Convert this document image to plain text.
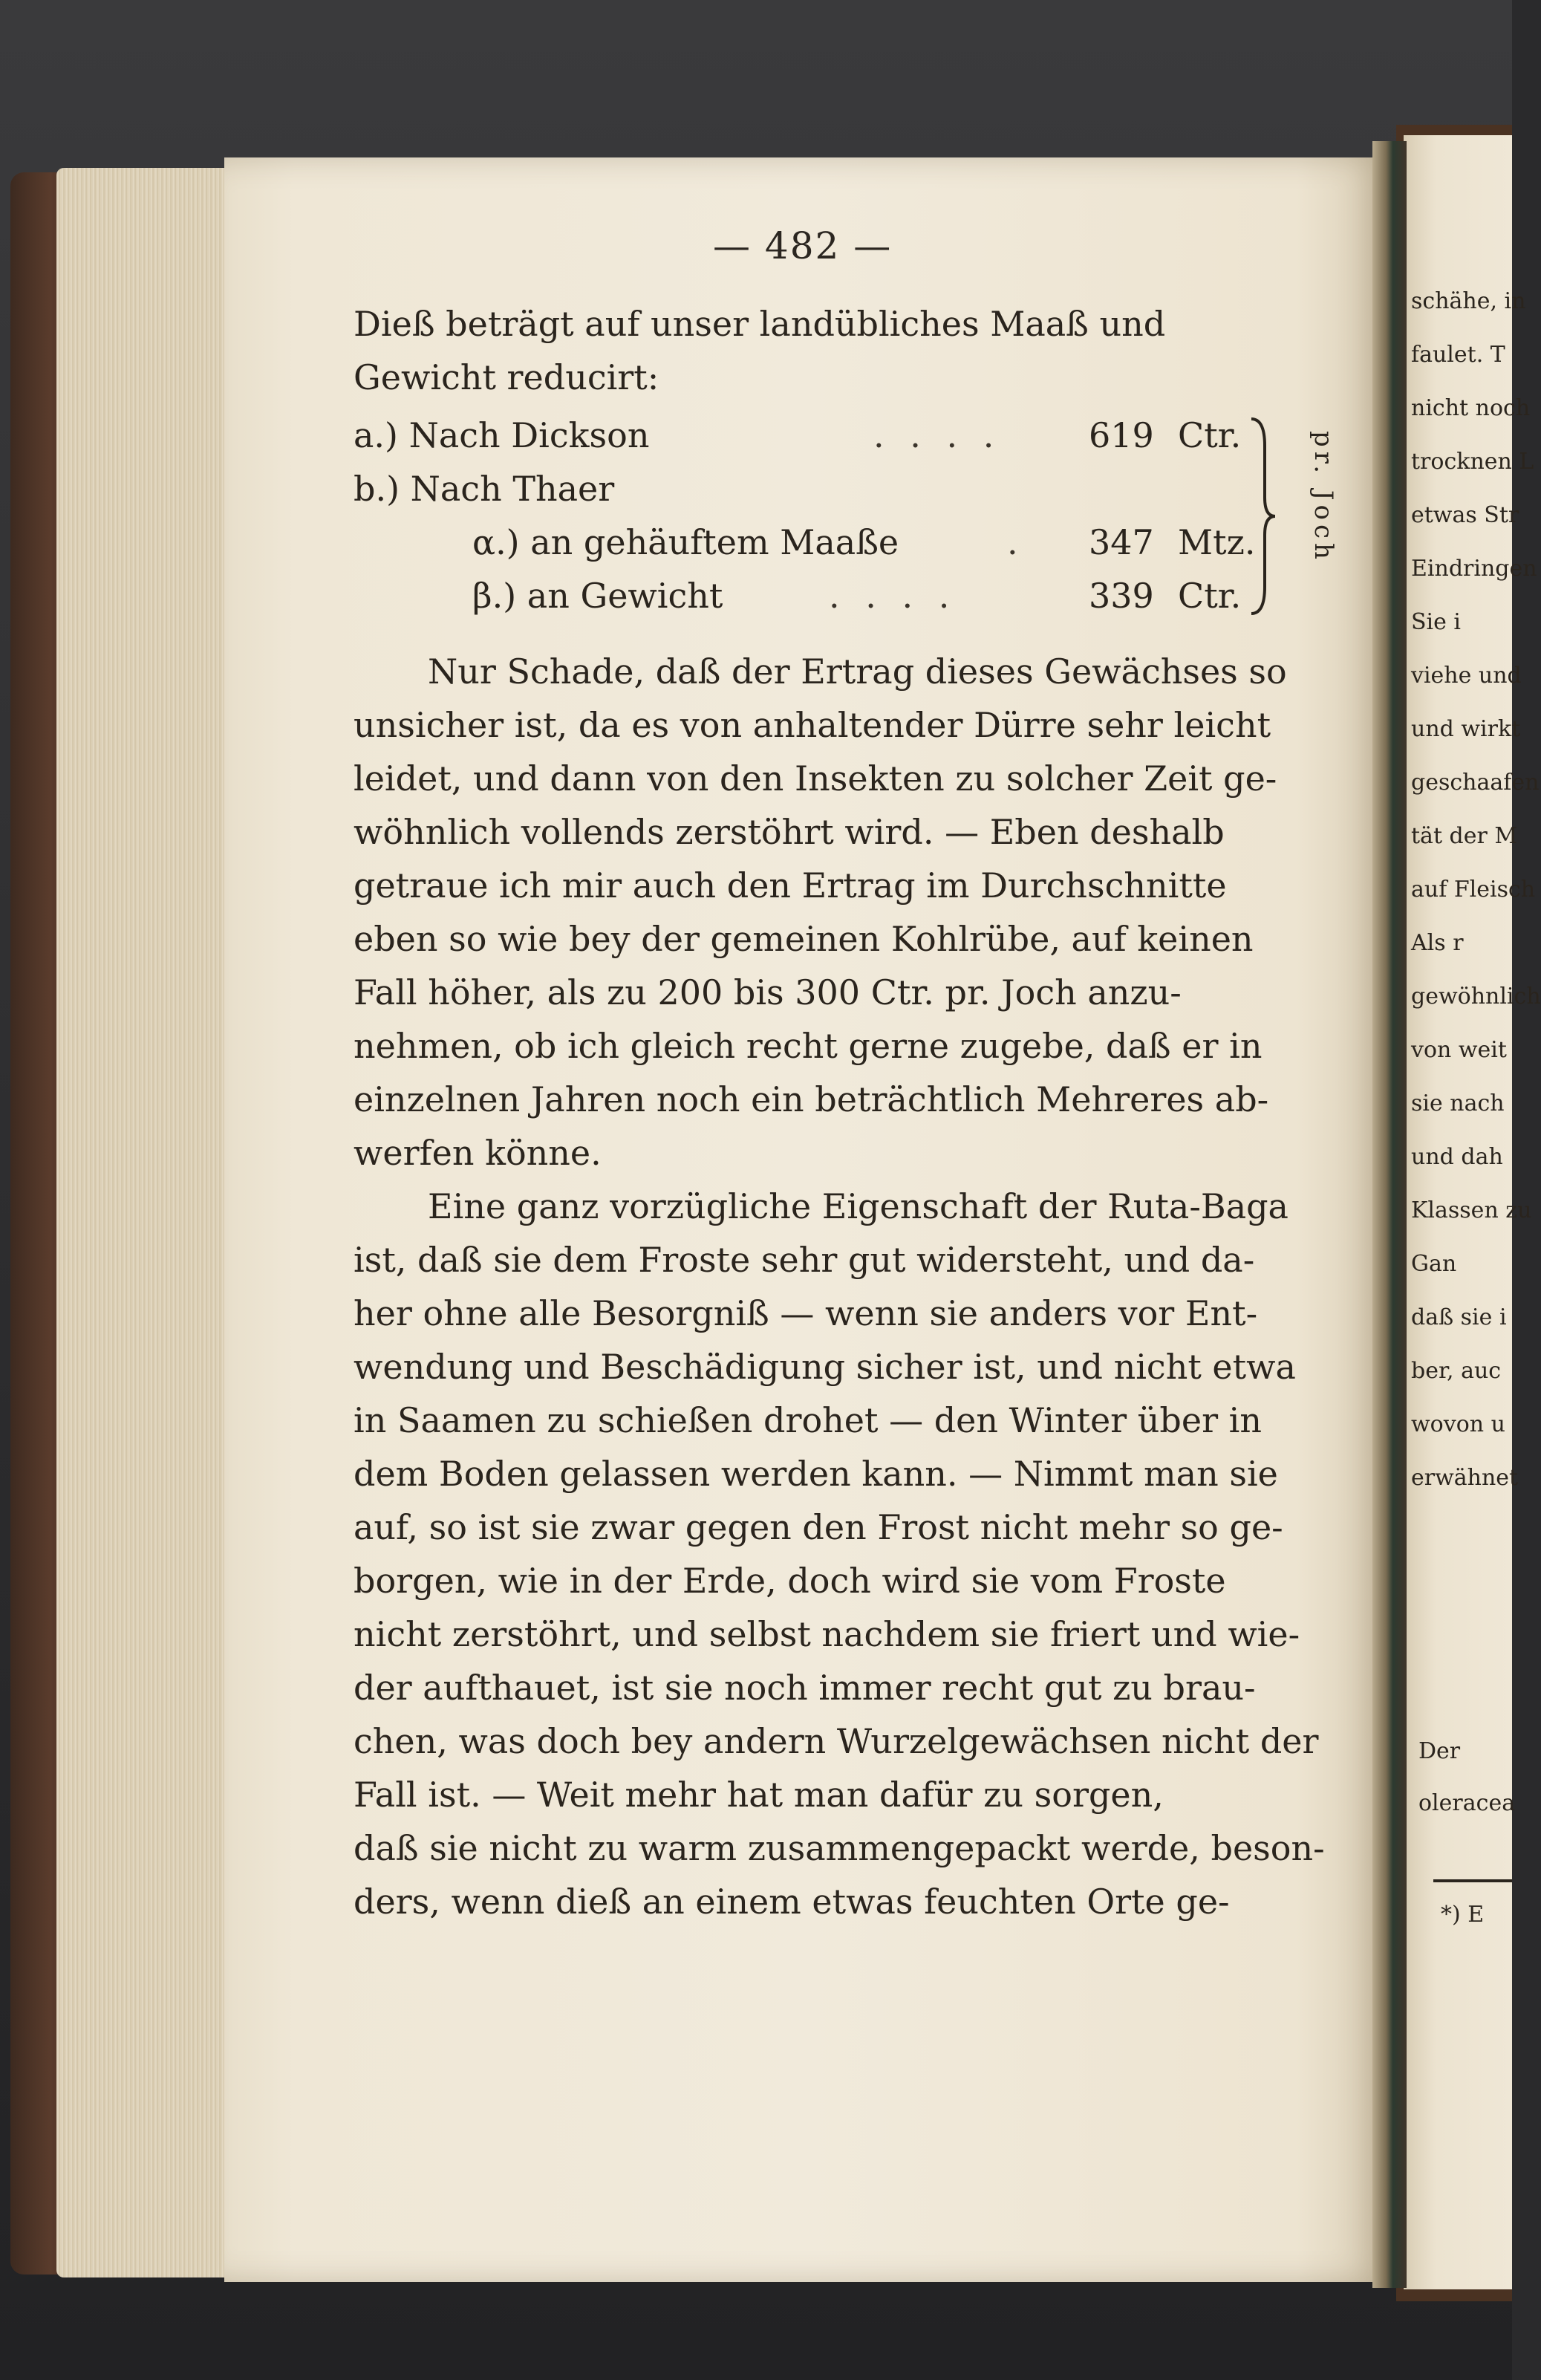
— 482 —
Dieß beträgt auf unser landübliches Maaß und
Gewicht reducirt:
a.) Nach Dickson	. . . .	619 Ctr.
b.) Nach Thaer
α.) an gehäuftem Maaße	. 347 Mtz.
β.) an Gewicht	. . . .	339 Ctr.
pr. Joch
Nur Schade, daß der Ertrag dieses Gewächses so
unsicher ist, da es von anhaltender Dürre sehr leicht
leidet, und dann von den Insekten zu solcher Zeit ge-
wöhnlich vollends zerstöhrt wird. — Eben deshalb
getraue ich mir auch den Ertrag im Durchschnitte
eben so wie bey der gemeinen Kohlrübe, auf keinen
Fall höher, als zu 200 bis 300 Ctr. pr. Joch anzu-
nehmen, ob ich gleich recht gerne zugebe, daß er in
einzelnen Jahren noch ein beträchtlich Mehreres ab-
werfen könne.
Eine ganz vorzügliche Eigenschaft der Ruta-Baga
ist, daß sie dem Froste sehr gut widersteht, und da-
her ohne alle Besorgniß — wenn sie anders vor Ent-
wendung und Beschädigung sicher ist, und nicht etwa
in Saamen zu schießen drohet — den Winter über in
dem Boden gelassen werden kann. — Nimmt man sie
auf, so ist sie zwar gegen den Frost nicht mehr so ge-
borgen, wie in der Erde, doch wird sie vom Froste
nicht zerstöhrt, und selbst nachdem sie friert und wie-
der aufthauet, ist sie noch immer recht gut zu brau-
chen, was doch bey andern Wurzelgewächsen nicht der
Fall ist. — Weit mehr hat man dafür zu sorgen,
daß sie nicht zu warm zusammengepackt werde, beson-
ders, wenn dieß an einem etwas feuchten Orte ge-
schähe, in
faulet. T
nicht noch
trocknen L
etwas Str
Eindringen
Sie i
viehe und
und wirkt
geschaafen
tät der M
auf Fleisch
Als r
gewöhnlich
von weit
sie nach
und dah
Klassen zu
Gan
daß sie i
ber, auc
wovon u
erwähnet
Der
oleracea
*) E
